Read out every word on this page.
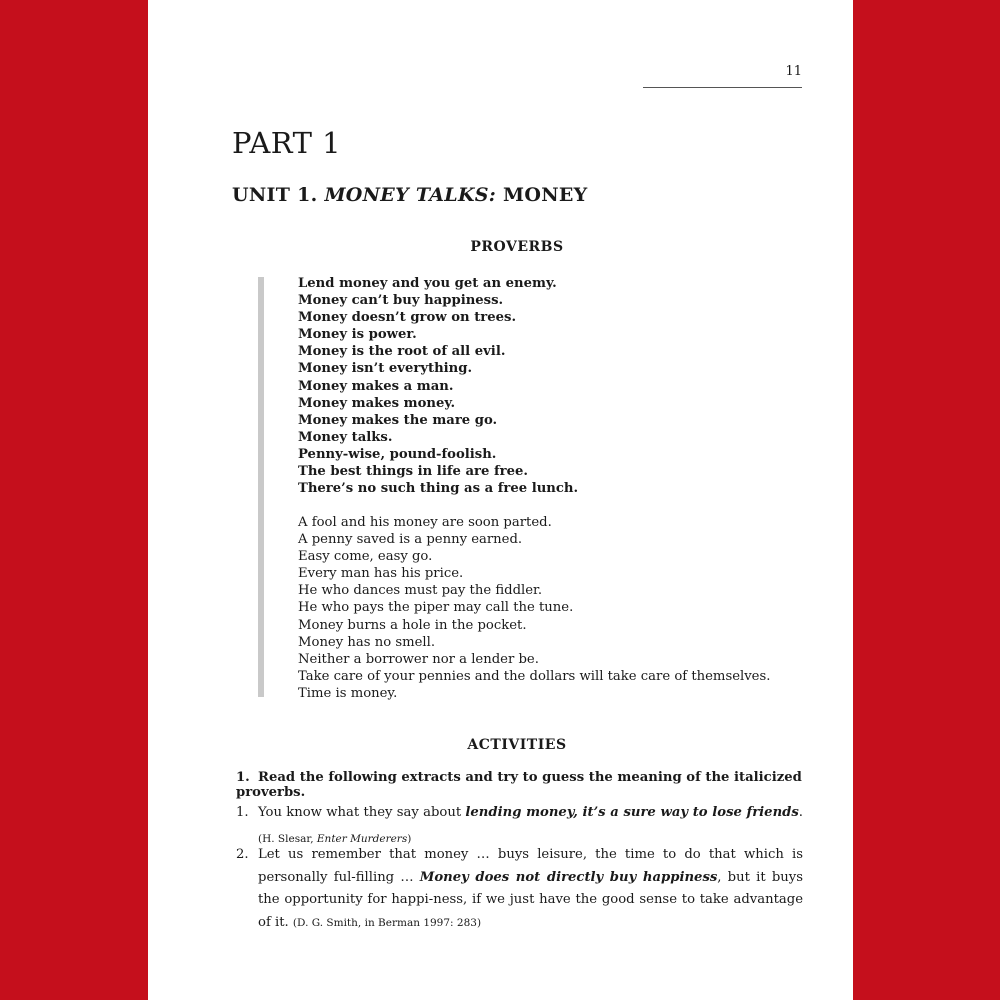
11
PART 1
UNIT 1. MONEY TALKS: MONEY
PROVERBS
Lend money and you get an enemy.
Money can’t buy happiness.
Money doesn’t grow on trees.
Money is power.
Money is the root of all evil.
Money isn’t everything.
Money makes a man.
Money makes money.
Money makes the mare go.
Money talks.
Penny-wise, pound-foolish.
The best things in life are free.
There’s no such thing as a free lunch.
A fool and his money are soon parted.
A penny saved is a penny earned.
Easy come, easy go.
Every man has his price.
He who dances must pay the fiddler.
He who pays the piper may call the tune.
Money burns a hole in the pocket.
Money has no smell.
Neither a borrower nor a lender be.
Take care of your pennies and the dollars will take care of themselves.
Time is money.
ACTIVITIES

1. Read the following extracts and try to guess the meaning of the italicized proverbs.

1. You know what they say about lending money, it’s a sure way to lose friends. (H. Slesar, Enter Murderers)
2. Let us remember that money … buys leisure, the time to do that which is personally ful-filling … Money does not directly buy happiness, but it buys the opportunity for happi-ness, if we just have the good sense to take advantage of it. (D. G. Smith, in Berman 1997: 283)
